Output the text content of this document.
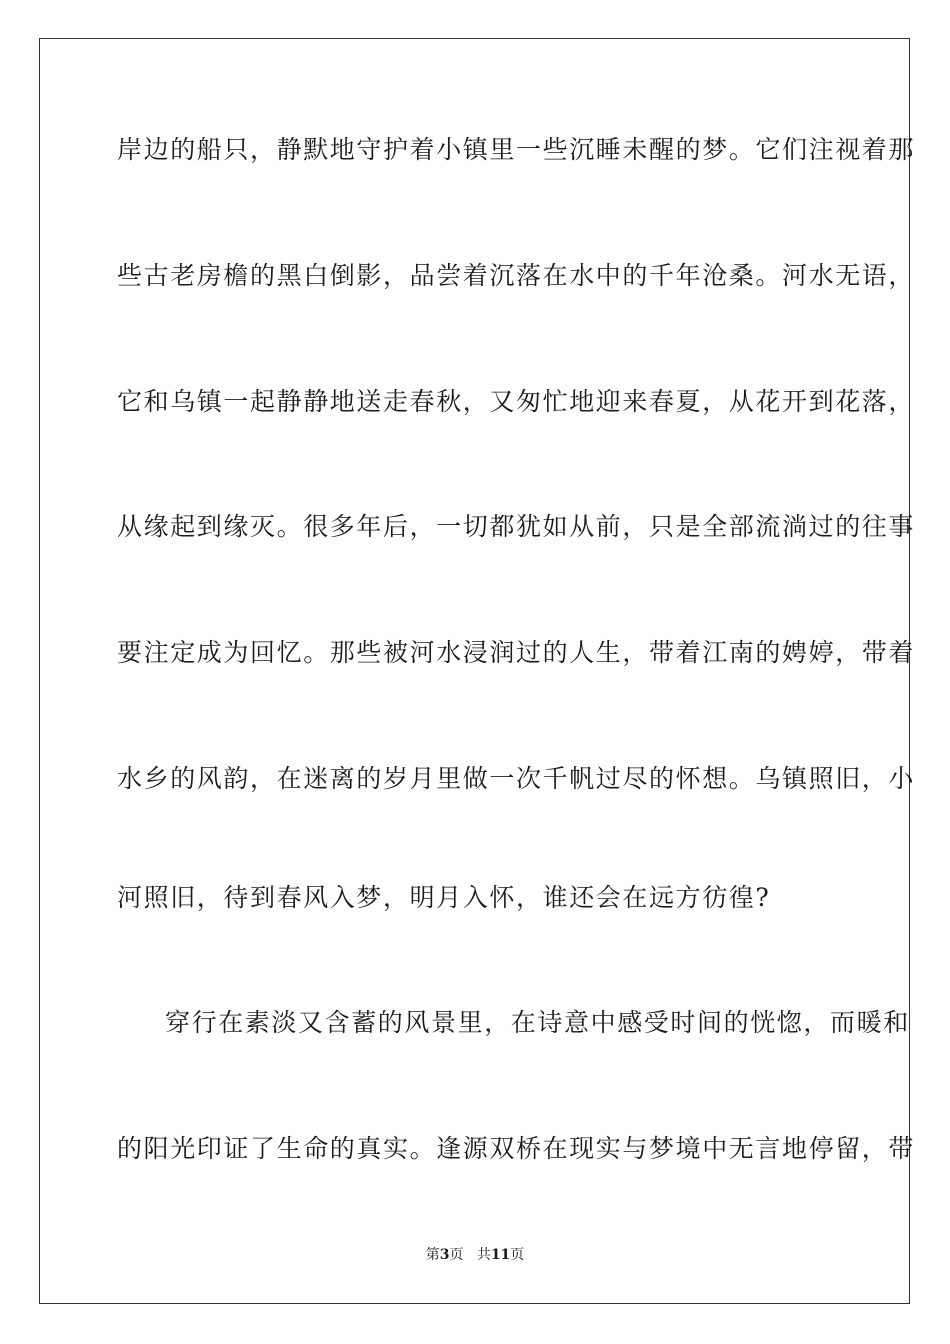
岸边的船只，静默地守护着小镇里一些沉睡未醒的梦。它们注视着那
些古老房檐的黑白倒影，品尝着沉落在水中的千年沧桑。河水无语，
它和乌镇一起静静地送走春秋，又匆忙地迎来春夏，从花开到花落，
从缘起到缘灭。很多年后，一切都犹如从前，只是全部流淌过的往事
要注定成为回忆。那些被河水浸润过的人生，带着江南的娉婷，带着
水乡的风韵，在迷离的岁月里做一次千帆过尽的怀想。乌镇照旧，小
河照旧，待到春风入梦，明月入怀，谁还会在远方彷徨?
穿行在素淡又含蓄的风景里，在诗意中感受时间的恍惚，而暖和
的阳光印证了生命的真实。逢源双桥在现实与梦境中无言地停留，带
第3页 共11页
